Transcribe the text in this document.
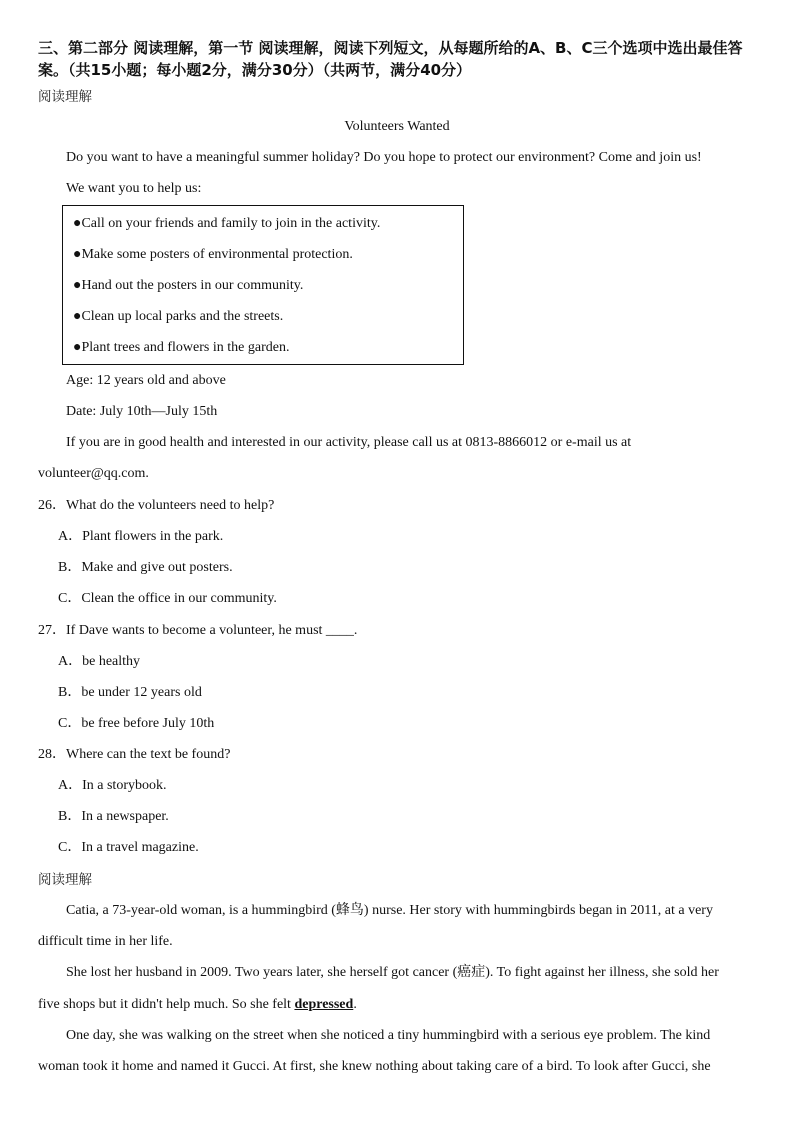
三、第二部分 阅读理解，第一节 阅读理解，阅读下列短文，从每题所给的A、B、C三个选项中选出最佳答案。（共15小题；每小题2分，满分30分）（共两节，满分40分）
阅读理解
Volunteers Wanted
Do you want to have a meaningful summer holiday? Do you hope to protect our environment? Come and join us!
We want you to help us:
●Call on your friends and family to join in the activity.
●Make some posters of environmental protection.
●Hand out the posters in our community.
●Clean up local parks and the streets.
●Plant trees and flowers in the garden.
Age: 12 years old and above
Date: July 10th—July 15th
If you are in good health and interested in our activity, please call us at 0813-8866012 or e-mail us at
volunteer@qq.com.
26．What do the volunteers need to help?
A．Plant flowers in the park.
B．Make and give out posters.
C．Clean the office in our community.
27．If Dave wants to become a volunteer, he must ____.
A．be healthy
B．be under 12 years old
C．be free before July 10th
28．Where can the text be found?
A．In a storybook.
B．In a newspaper.
C．In a travel magazine.
阅读理解
Catia, a 73-year-old woman, is a hummingbird (蜂鸟) nurse. Her story with hummingbirds began in 2011, at a very
difficult time in her life.
She lost her husband in 2009. Two years later, she herself got cancer (癌症). To fight against her illness, she sold her
five shops but it didn't help much. So she felt depressed.
One day, she was walking on the street when she noticed a tiny hummingbird with a serious eye problem. The kind
woman took it home and named it Gucci. At first, she knew nothing about taking care of a bird. To look after Gucci, she
